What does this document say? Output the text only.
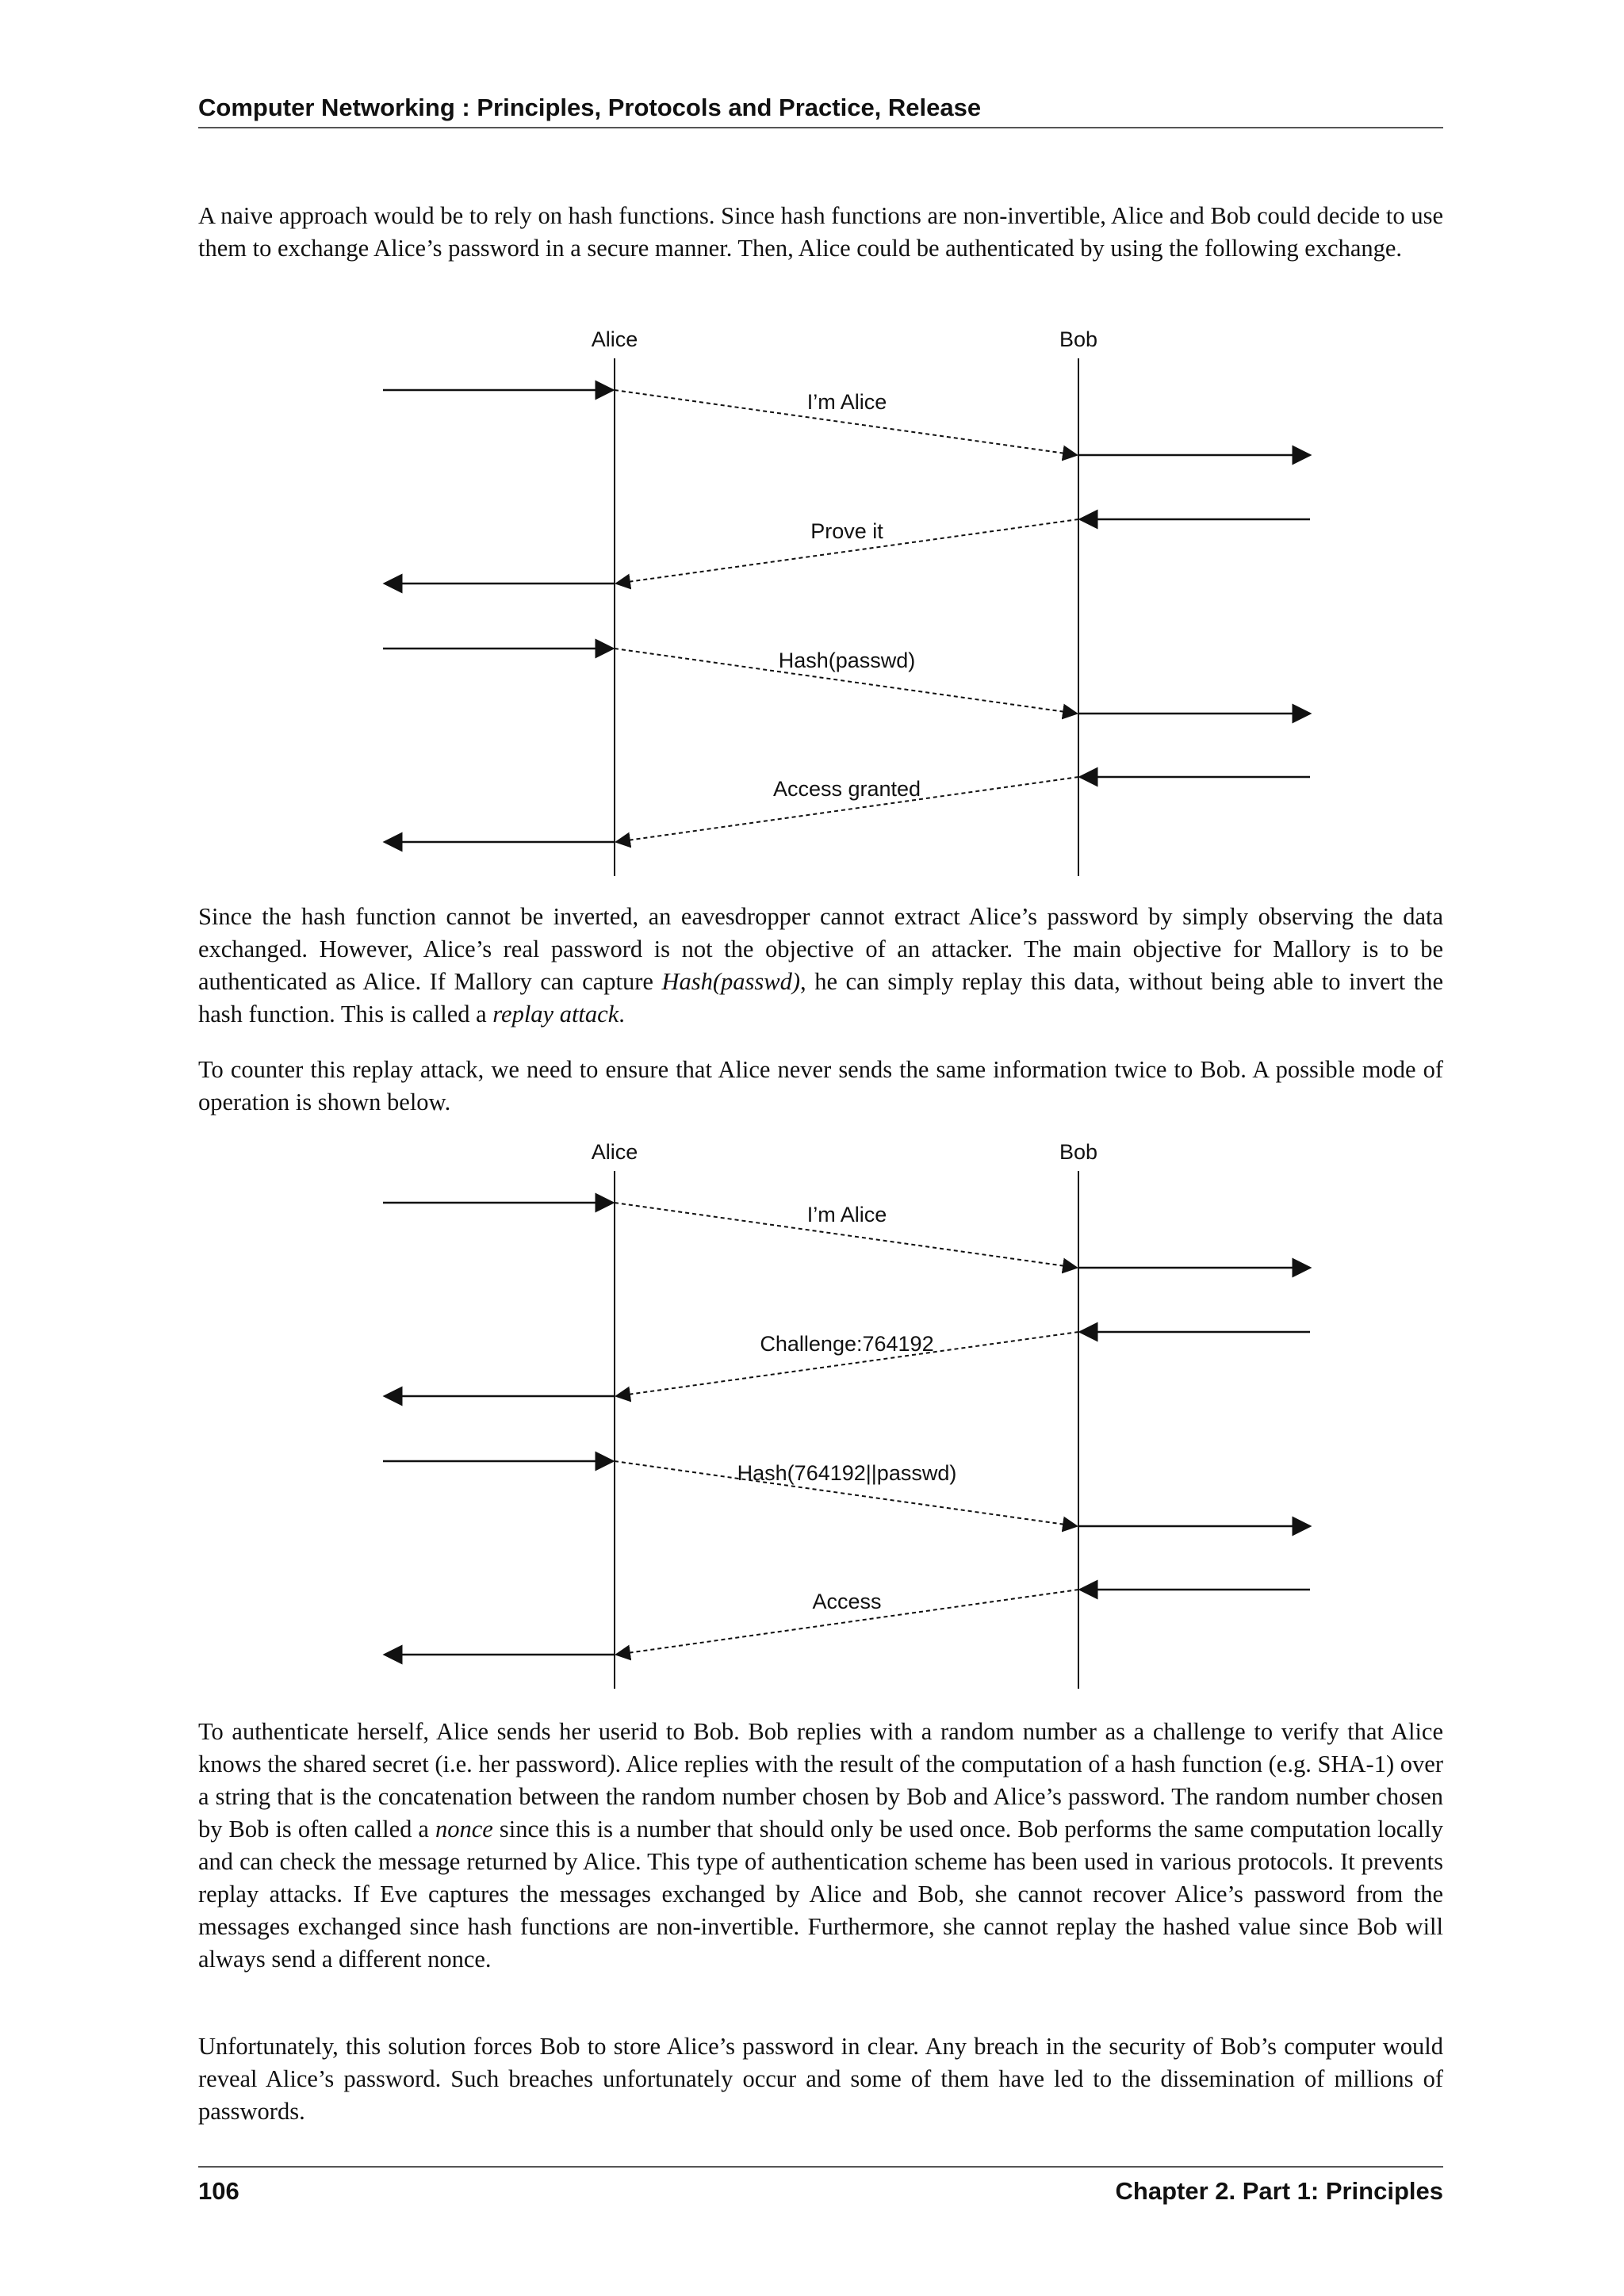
Computer Networking : Principles, Protocols and Practice, Release

A naive approach would be to rely on hash functions. Since hash functions are non-invertible, Alice and Bob could decide to use them to exchange Alice’s password in a secure manner. Then, Alice could be authenticated by using the following exchange.

Alice	Bob
I’m Alice
Prove it
Hash(passwd)
Access granted

Since the hash function cannot be inverted, an eavesdropper cannot extract Alice’s password by simply observing the data exchanged. However, Alice’s real password is not the objective of an attacker. The main objective for Mallory is to be authenticated as Alice. If Mallory can capture Hash(passwd), he can simply replay this data, without being able to invert the hash function. This is called a replay attack.

To counter this replay attack, we need to ensure that Alice never sends the same information twice to Bob. A possible mode of operation is shown below.

Alice	Bob
I’m Alice
Challenge:764192
Hash(764192||passwd)
Access

To authenticate herself, Alice sends her userid to Bob. Bob replies with a random number as a challenge to verify that Alice knows the shared secret (i.e. her password). Alice replies with the result of the computation of a hash function (e.g. SHA-1) over a string that is the concatenation between the random number chosen by Bob and Alice’s password. The random number chosen by Bob is often called a nonce since this is a number that should only be used once. Bob performs the same computation locally and can check the message returned by Alice. This type of authentication scheme has been used in various protocols. It prevents replay attacks. If Eve captures the messages exchanged by Alice and Bob, she cannot recover Alice’s password from the messages exchanged since hash functions are non-invertible. Furthermore, she cannot replay the hashed value since Bob will always send a different nonce.

Unfortunately, this solution forces Bob to store Alice’s password in clear. Any breach in the security of Bob’s computer would reveal Alice’s password. Such breaches unfortunately occur and some of them have led to the dissemination of millions of passwords.

106	Chapter 2. Part 1: Principles
